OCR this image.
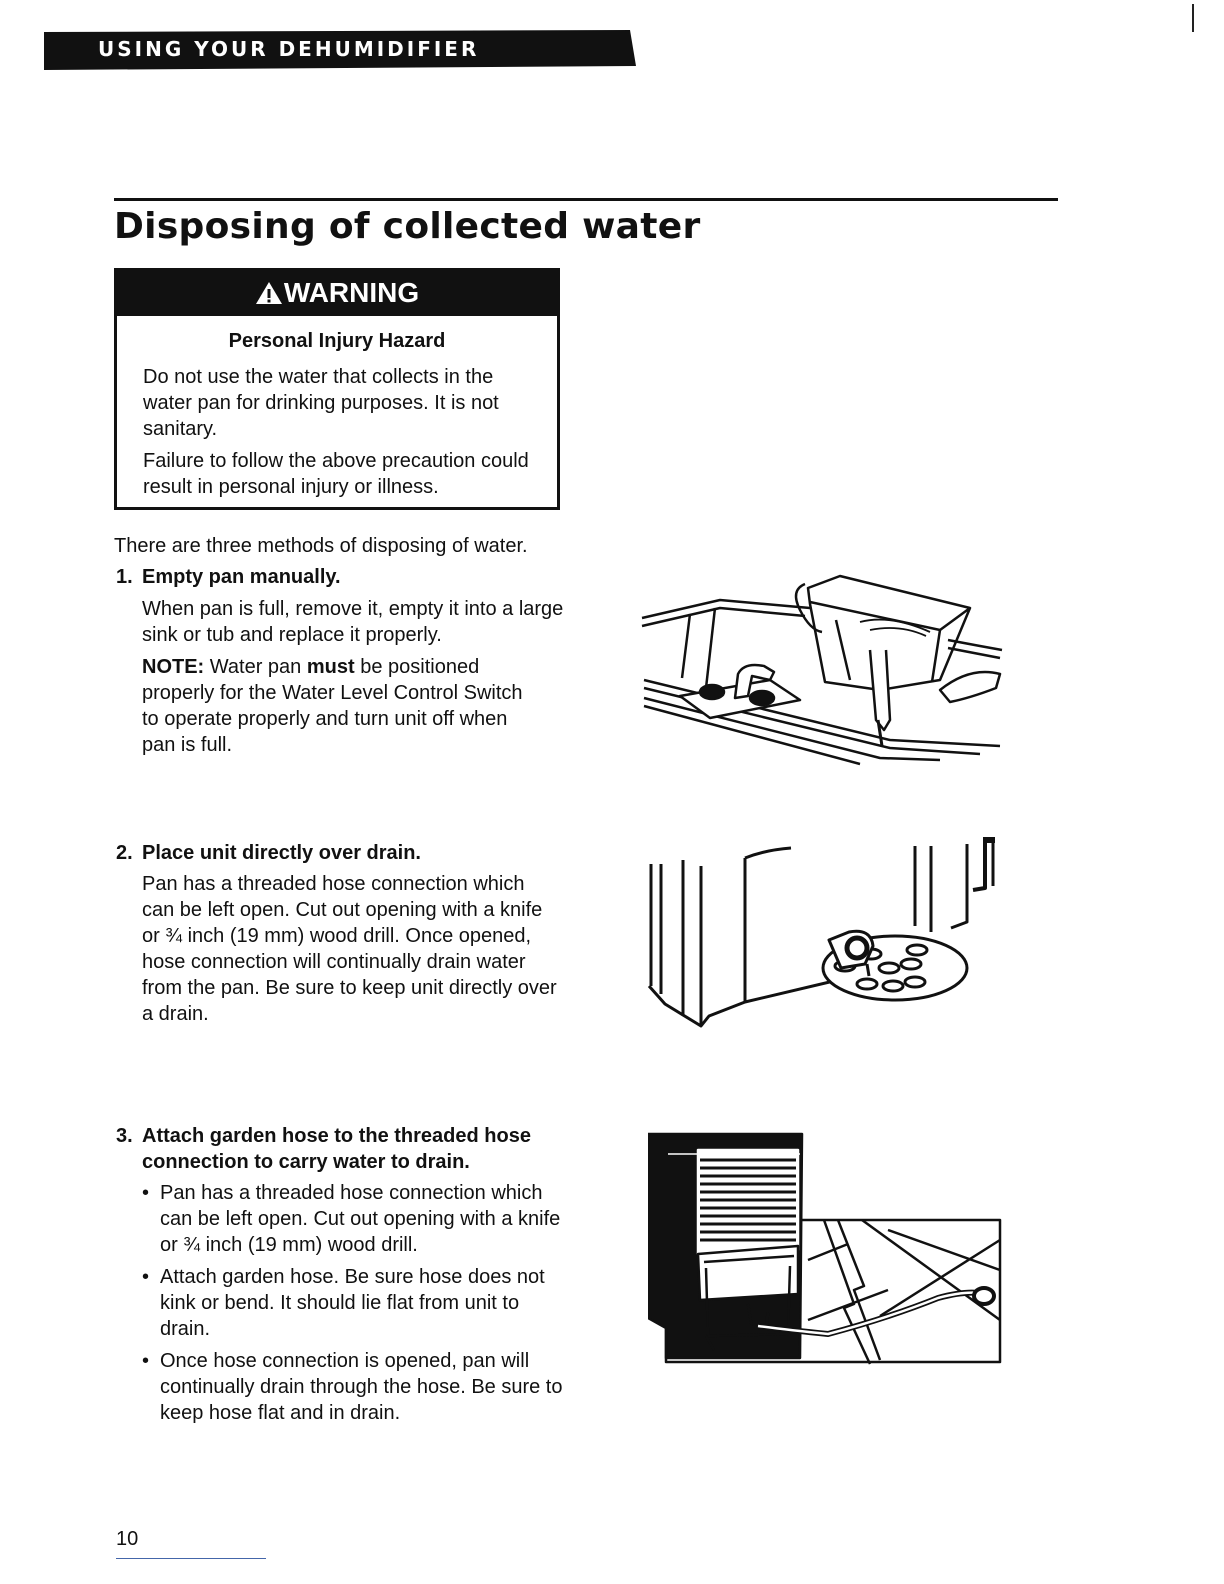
USING YOUR DEHUMIDIFIER
Disposing of collected water
WARNING
Personal Injury Hazard
Do not use the water that collects in the water pan for drinking purposes. It is not sanitary.
Failure to follow the above precaution could result in personal injury or illness.
There are three methods of disposing of water.
1. Empty pan manually.
When pan is full, remove it, empty it into a large sink or tub and replace it properly.
NOTE: Water pan must be positioned properly for the Water Level Control Switch to operate properly and turn unit off when pan is full.
2. Place unit directly over drain.
Pan has a threaded hose connection which can be left open. Cut out opening with a knife or ¾ inch (19 mm) wood drill. Once opened, hose connection will continually drain water from the pan. Be sure to keep unit directly over a drain.
3. Attach garden hose to the threaded hose connection to carry water to drain.
• Pan has a threaded hose connection which can be left open. Cut out opening with a knife or ¾ inch (19 mm) wood drill.
• Attach garden hose. Be sure hose does not kink or bend. It should lie flat from unit to drain.
• Once hose connection is opened, pan will continually drain through the hose. Be sure to keep hose flat and in drain.
10
